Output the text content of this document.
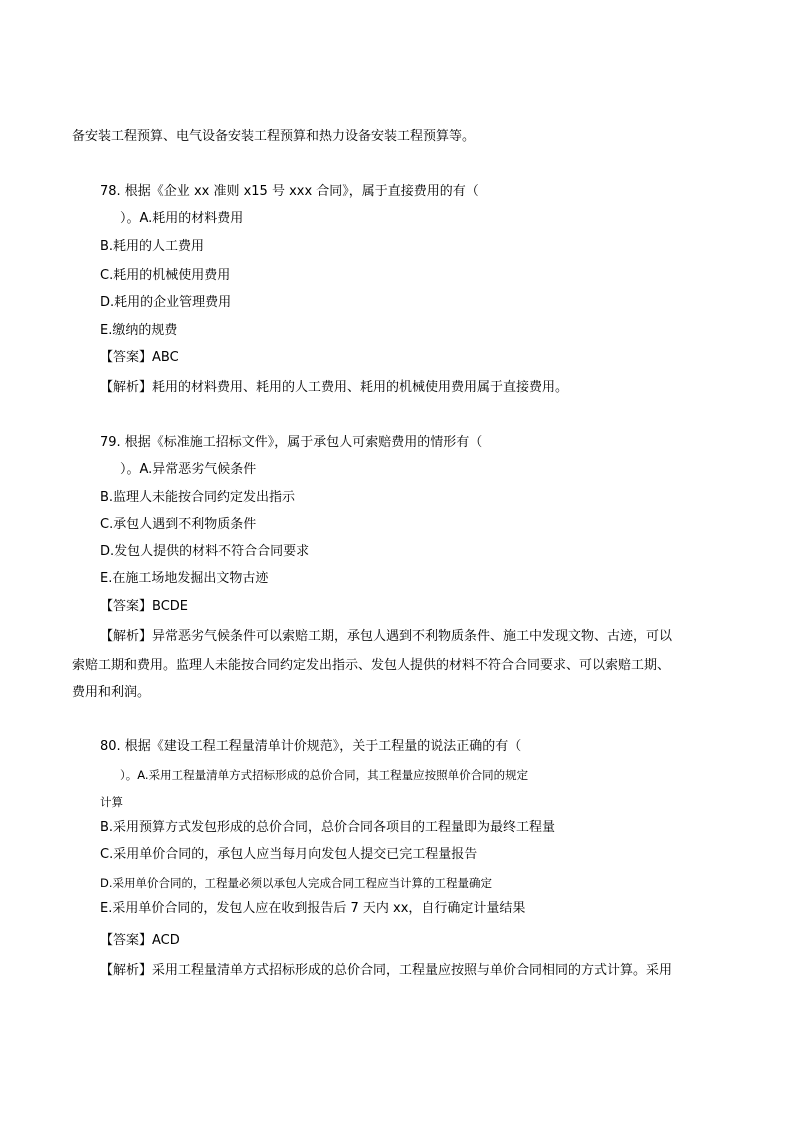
备安装工程预算、电气设备安装工程预算和热力设备安装工程预算等。
78. 根据《企业 xx 准则 x15 号 xxx 合同》，属于直接费用的有（
）。A.耗用的材料费用
B.耗用的人工费用
C.耗用的机械使用费用
D.耗用的企业管理费用
E.缴纳的规费
【答案】ABC
【解析】耗用的材料费用、耗用的人工费用、耗用的机械使用费用属于直接费用。
79. 根据《标准施工招标文件》，属于承包人可索赔费用的情形有（
）。A.异常恶劣气候条件
B.监理人未能按合同约定发出指示
C.承包人遇到不利物质条件
D.发包人提供的材料不符合合同要求
E.在施工场地发掘出文物古迹
【答案】BCDE
【解析】异常恶劣气候条件可以索赔工期，承包人遇到不利物质条件、施工中发现文物、古迹，可以
索赔工期和费用。监理人未能按合同约定发出指示、发包人提供的材料不符合合同要求、可以索赔工期、
费用和利润。
80. 根据《建设工程工程量清单计价规范》，关于工程量的说法正确的有（
）。A.采用工程量清单方式招标形成的总价合同，其工程量应按照单价合同的规定
计算
B.采用预算方式发包形成的总价合同，总价合同各项目的工程量即为最终工程量
C.采用单价合同的，承包人应当每月向发包人提交已完工程量报告
D.采用单价合同的，工程量必须以承包人完成合同工程应当计算的工程量确定
E.采用单价合同的，发包人应在收到报告后 7 天内 xx，自行确定计量结果
【答案】ACD
【解析】采用工程量清单方式招标形成的总价合同，工程量应按照与单价合同相同的方式计算。采用
